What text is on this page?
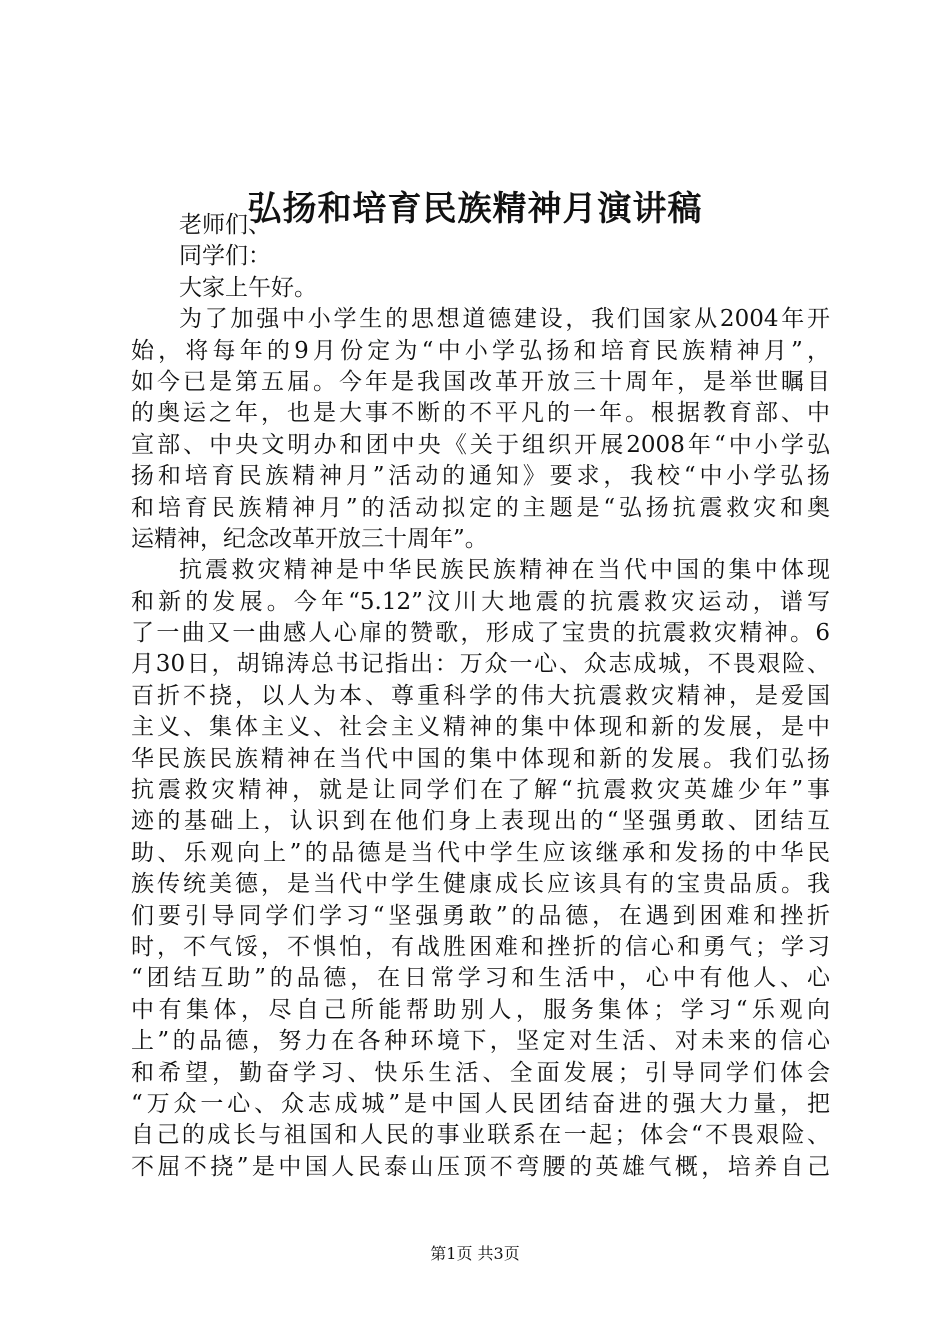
弘扬和培育民族精神月演讲稿
老师们、
同学们：
大家上午好。
为了加强中小学生的思想道德建设，我们国家从2004年开
始，将每年的9月份定为“中小学弘扬和培育民族精神月”，
如今已是第五届。今年是我国改革开放三十周年，是举世瞩目
的奥运之年，也是大事不断的不平凡的一年。根据教育部、中
宣部、中央文明办和团中央《关于组织开展2008年“中小学弘
扬和培育民族精神月”活动的通知》要求，我校“中小学弘扬
和培育民族精神月”的活动拟定的主题是“弘扬抗震救灾和奥
运精神，纪念改革开放三十周年”。
抗震救灾精神是中华民族民族精神在当代中国的集中体现
和新的发展。今年“5.12”汶川大地震的抗震救灾运动，谱写
了一曲又一曲感人心扉的赞歌，形成了宝贵的抗震救灾精神。6
月30日，胡锦涛总书记指出：万众一心、众志成城，不畏艰险、
百折不挠，以人为本、尊重科学的伟大抗震救灾精神，是爱国
主义、集体主义、社会主义精神的集中体现和新的发展，是中
华民族民族精神在当代中国的集中体现和新的发展。我们弘扬
抗震救灾精神，就是让同学们在了解“抗震救灾英雄少年”事
迹的基础上，认识到在他们身上表现出的“坚强勇敢、团结互
助、乐观向上”的品德是当代中学生应该继承和发扬的中华民
族传统美德，是当代中学生健康成长应该具有的宝贵品质。我
们要引导同学们学习“坚强勇敢”的品德，在遇到困难和挫折
时，不气馁，不惧怕，有战胜困难和挫折的信心和勇气；学习
“团结互助”的品德，在日常学习和生活中，心中有他人、心
中有集体，尽自己所能帮助别人，服务集体；学习“乐观向
上”的品德，努力在各种环境下，坚定对生活、对未来的信心
和希望，勤奋学习、快乐生活、全面发展；引导同学们体会
“万众一心、众志成城”是中国人民团结奋进的强大力量，把
自己的成长与祖国和人民的事业联系在一起；体会“不畏艰险、
不屈不挠”是中国人民泰山压顶不弯腰的英雄气概，培养自己
第1页 共3页
